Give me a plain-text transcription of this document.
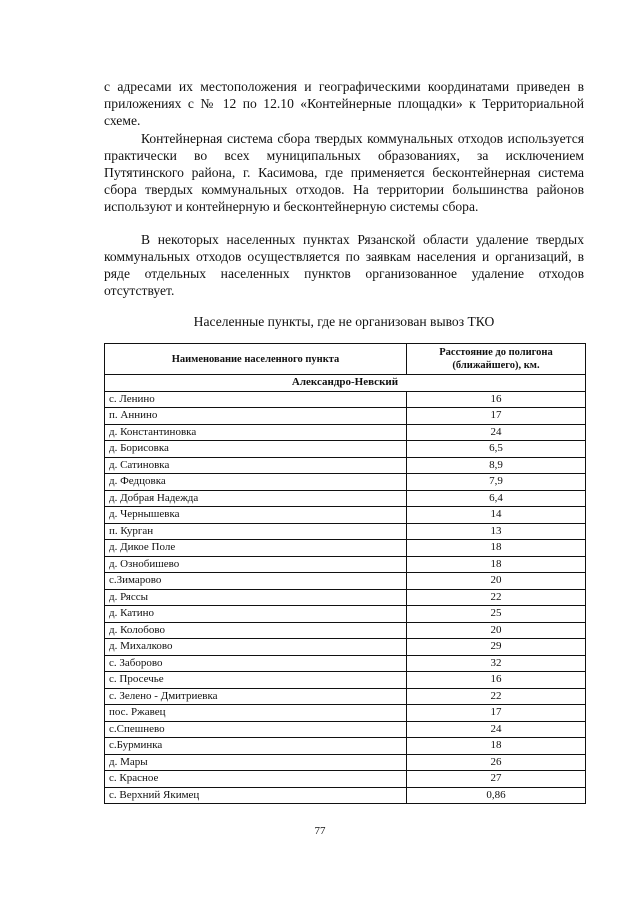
с адресами их местоположения и географическими координатами приведен в приложениях с № 12 по 12.10 «Контейнерные площадки» к Территориальной схеме.

Контейнерная система сбора твердых коммунальных отходов используется практически во всех муниципальных образованиях, за исключением Путятинского района, г. Касимова, где применяется бесконтейнерная система сбора твердых коммунальных отходов. На территории большинства районов используют и контейнерную и бесконтейнерную системы сбора.

В некоторых населенных пунктах Рязанской области удаление твердых коммунальных отходов осуществляется по заявкам населения и организаций, в ряде отдельных населенных пунктов организованное удаление отходов отсутствует.

Населенные пункты, где не организован вывоз ТКО
Наименование населенного пункта	Расстояние до полигона (ближайшего), км.
Александро-Невский	
с. Ленино	16
п. Аннино	17
д. Константиновка	24
д. Борисовка	6,5
д. Сатиновка	8,9
д. Федцовка	7,9
д. Добрая Надежда	6,4
д. Чернышевка	14
п. Курган	13
д. Дикое Поле	18
д. Ознобишево	18
с.Зимарово	20
д. Ряссы	22
д. Катино	25
д. Колобово	20
д. Михалково	29
с. Заборово	32
с. Просечье	16
с. Зелено - Дмитриевка	22
пос. Ржавец	17
с.Спешнево	24
с.Бурминка	18
д. Мары	26
с. Красное	27
с. Верхний Якимец	0,86
77
